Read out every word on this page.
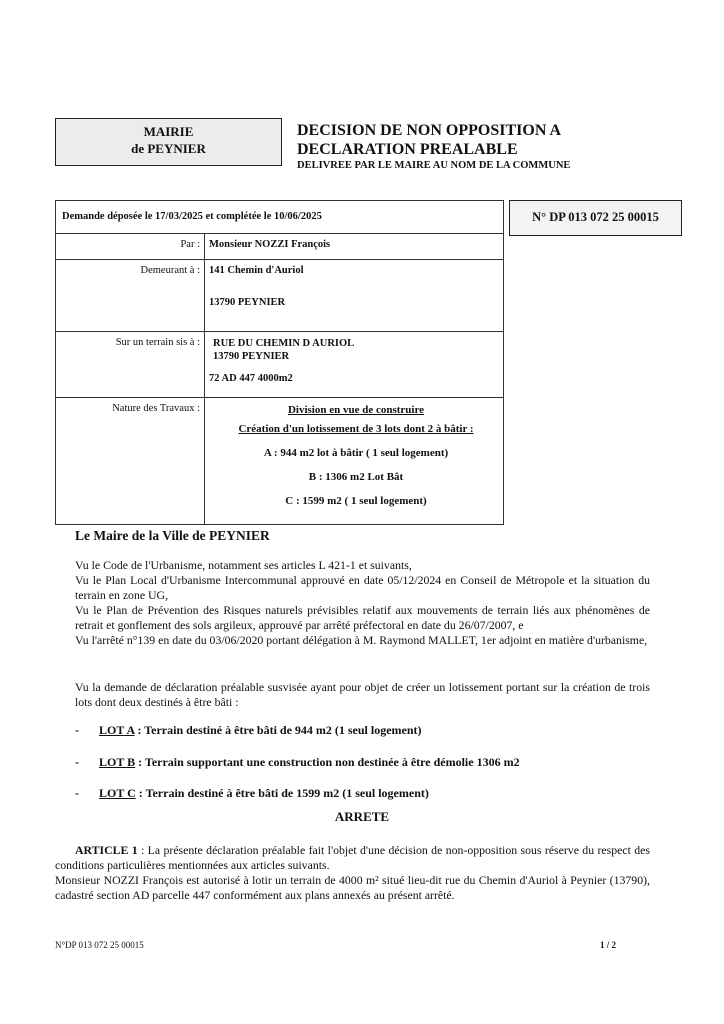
MAIRIE
de PEYNIER
DECISION DE NON OPPOSITION A
DECLARATION PREALABLE
DELIVREE PAR LE MAIRE AU NOM DE LA COMMUNE
N° DP 013 072 25 00015
Demande déposée le 17/03/2025 et complétée le 10/06/2025	
Par :	Monsieur NOZZI François
Demeurant à :	141 Chemin d'Auriol
13790 PEYNIER

Sur un terrain sis à :	RUE DU CHEMIN D AURIOL
13790 PEYNIER
72 AD 447 4000m2

Nature des Travaux :	Division en vue de construire
Création d'un lotissement de 3 lots dont 2 à bâtir :
A : 944 m2 lot à bâtir ( 1 seul logement)
B : 1306 m2 Lot Bât
C : 1599 m2 ( 1 seul logement)
Le Maire de la Ville de PEYNIER
Vu le Code de l'Urbanisme, notamment ses articles L 421-1 et suivants,
Vu le Plan Local d'Urbanisme Intercommunal approuvé en date 05/12/2024 en Conseil de Métropole et la situation du terrain en zone UG,
Vu le Plan de Prévention des Risques naturels prévisibles relatif aux mouvements de terrain liés aux phénomènes de retrait et gonflement des sols argileux, approuvé par arrêté préfectoral en date du 26/07/2007, e
Vu l'arrêté n°139 en date du 03/06/2020 portant délégation à M. Raymond MALLET, 1er adjoint en matière d'urbanisme,
Vu la demande de déclaration préalable susvisée ayant pour objet de créer un lotissement portant sur la création de trois lots dont deux destinés à être bâti :
- LOT A : Terrain destiné à être bâti de 944 m2 (1 seul logement)
- LOT B : Terrain supportant une construction non destinée à être démolie 1306 m2
- LOT C : Terrain destiné à être bâti de 1599 m2 (1 seul logement)
ARRETE
ARTICLE 1 : La présente déclaration préalable fait l'objet d'une décision de non-opposition sous réserve du respect des conditions particulières mentionnées aux articles suivants.
Monsieur NOZZI François est autorisé à lotir un terrain de 4000 m² situé lieu-dit rue du Chemin d'Auriol à Peynier (13790), cadastré section AD parcelle 447 conformément aux plans annexés au présent arrêté.
N°DP 013 072 25 00015	1 / 2
